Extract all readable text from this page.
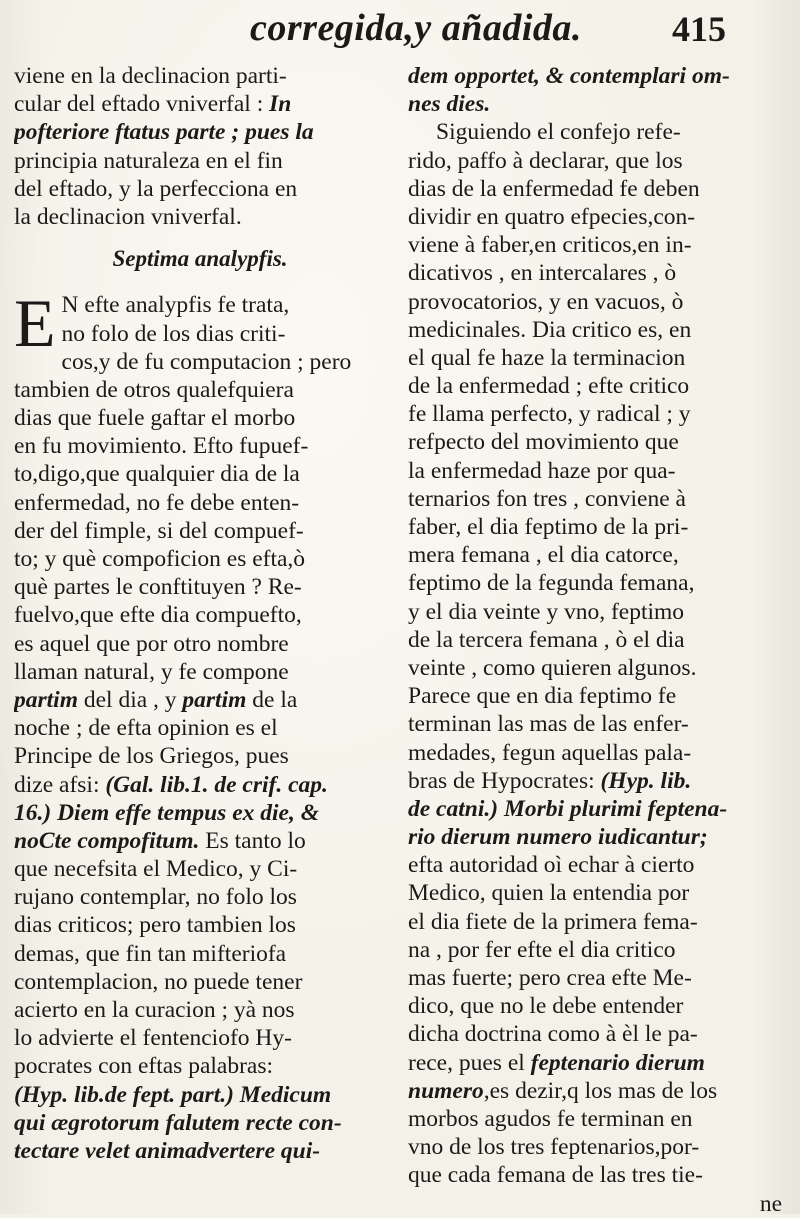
corregida,y añadida.	415
viene en la declinacion parti-
cular del eftado vniverfal : In
pofteriore ftatus parte ; pues la
principia naturaleza en el fin
del eftado, y la perfecciona en
la declinacion vniverfal.
Septima analypfis.
E N efte analypfis fe trata,
no folo de los dias criti-
cos,y de fu computacion ; pero
tambien de otros qualefquiera
dias que fuele gaftar el morbo
en fu movimiento. Efto fupuef-
to,digo,que qualquier dia de la
enfermedad, no fe debe enten-
der del fimple, si del compuef-
to; y què compoficion es efta,ò
què partes le conftituyen ? Re-
fuelvo,que efte dia compuefto,
es aquel que por otro nombre
llaman natural, y fe compone
partim del dia , y partim de la
noche ; de efta opinion es el
Principe de los Griegos, pues
dize afsi: (Gal. lib.1. de crif. cap.
16.) Diem effe tempus ex die, &
noCte compofitum. Es tanto lo
que necefsita el Medico, y Ci-
rujano contemplar, no folo los
dias criticos; pero tambien los
demas, que fin tan mifteriofa
contemplacion, no puede tener
acierto en la curacion ; yà nos
lo advierte el fentenciofo Hy-
pocrates con eftas palabras:
(Hyp. lib.de fept. part.) Medicum
qui ægrotorum falutem recte con-
tectare velet animadvertere qui-
dem opportet, & contemplari om-
nes dies.
Siguiendo el confejo refe-
rido, paffo à declarar, que los
dias de la enfermedad fe deben
dividir en quatro efpecies,con-
viene à faber,en criticos,en in-
dicativos , en intercalares , ò
provocatorios, y en vacuos, ò
medicinales. Dia critico es, en
el qual fe haze la terminacion
de la enfermedad ; efte critico
fe llama perfecto, y radical ; y
refpecto del movimiento que
la enfermedad haze por qua-
ternarios fon tres , conviene à
faber, el dia feptimo de la pri-
mera femana , el dia catorce,
feptimo de la fegunda femana,
y el dia veinte y vno, feptimo
de la tercera femana , ò el dia
veinte , como quieren algunos.
Parece que en dia feptimo fe
terminan las mas de las enfer-
medades, fegun aquellas pala-
bras de Hypocrates: (Hyp. lib.
de catni.) Morbi plurimi feptena-
rio dierum numero iudicantur;
efta autoridad oì echar à cierto
Medico, quien la entendia por
el dia fiete de la primera fema-
na , por fer efte el dia critico
mas fuerte; pero crea efte Me-
dico, que no le debe entender
dicha doctrina como à èl le pa-
rece, pues el feptenario dierum
numero,es dezir,q los mas de los
morbos agudos fe terminan en
vno de los tres feptenarios,por-
que cada femana de las tres tie-
ne
